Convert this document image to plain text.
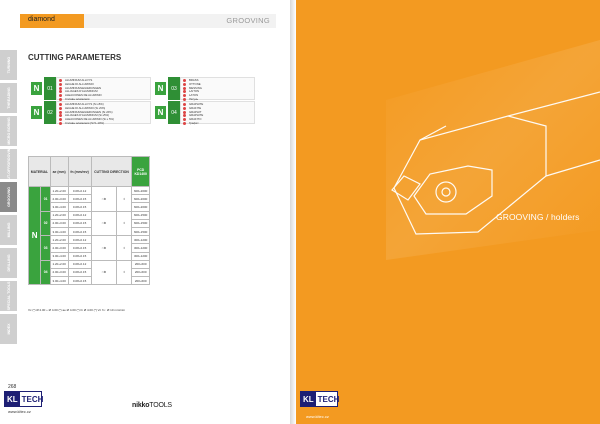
diamond	GROOVING
TURNING
THREADING
MICRO BORING
CUT-OFF/GROOVING
GROOVING
MILLING
DRILLING
SPECIAL TOOLS
INDEX
CUTTING PARAMETERS
N	01
ALUMINIUM ALLOYS
LEGHE DI ALLUMINIO
ALUMINIUMLEGIERUNGEN
ALLIAGES D'ALUMINIUM
ALEACIONES DE ALUMINIO
Сплавы алюминия
N	02
ALUMINIUM ALLOYS (Si ≥5%)
LEGHE DI ALLUMINIO (Si ≥5%)
ALUMINIUMLEGIERUNGEN (Si ≥5%)
ALLIAGES D'ALUMINIUM (Si ≥5%)
ALEACIONES DE ALUMINIO (Si ≥ 5%)
Сплавы алюминия (Si 5–10%)
N	03
BRASS
OTTONE
MESSING
LAITON
LATÓN
Латунь
N	04
GRAPHITE
GRAFITE
GRAPHIT
GRAPHITE
GRAFITO
Графит
MATERIAL		ae (mm)	fn (mm/rev)	CUTTING DIRECTION		PCD
KD1400

N	01	1.20÷2.00	0.08÷0.12	○⚙	◊	600÷2000
		2.00÷3.00	0.08÷0.15			600÷2000
		3.00÷4.00	0.08÷0.15			600÷2000
	02	1.20÷2.00	0.08÷0.12	○⚙	◊	600÷1500
		2.00÷3.00	0.08÷0.15			600÷1500
		3.00÷4.00	0.08÷0.15			600÷1500
	03	1.20÷2.00	0.08÷0.12	○⚙	◊	300÷1200
		2.00÷3.00	0.08÷0.15			300÷1200
		3.00÷4.00	0.08÷0.15			300÷1200
	04	1.20÷2.00	0.08÷0.12	○⚙	◊	200÷600
		2.00÷3.00	0.08÷0.15			200÷600
		3.00÷4.00	0.08÷0.15			200÷600
Vc (*) Ø 2.00 ÷ Ø 4.00 (*) ae Ø 4.00 (*) fn Ø 4.00 (*) Vc fn : Ø 10 mm/min
268
KL TECH
www.kltec.cz
nikkoTOOLS
GROOVING / holders
KL TECH
www.kltec.cz
